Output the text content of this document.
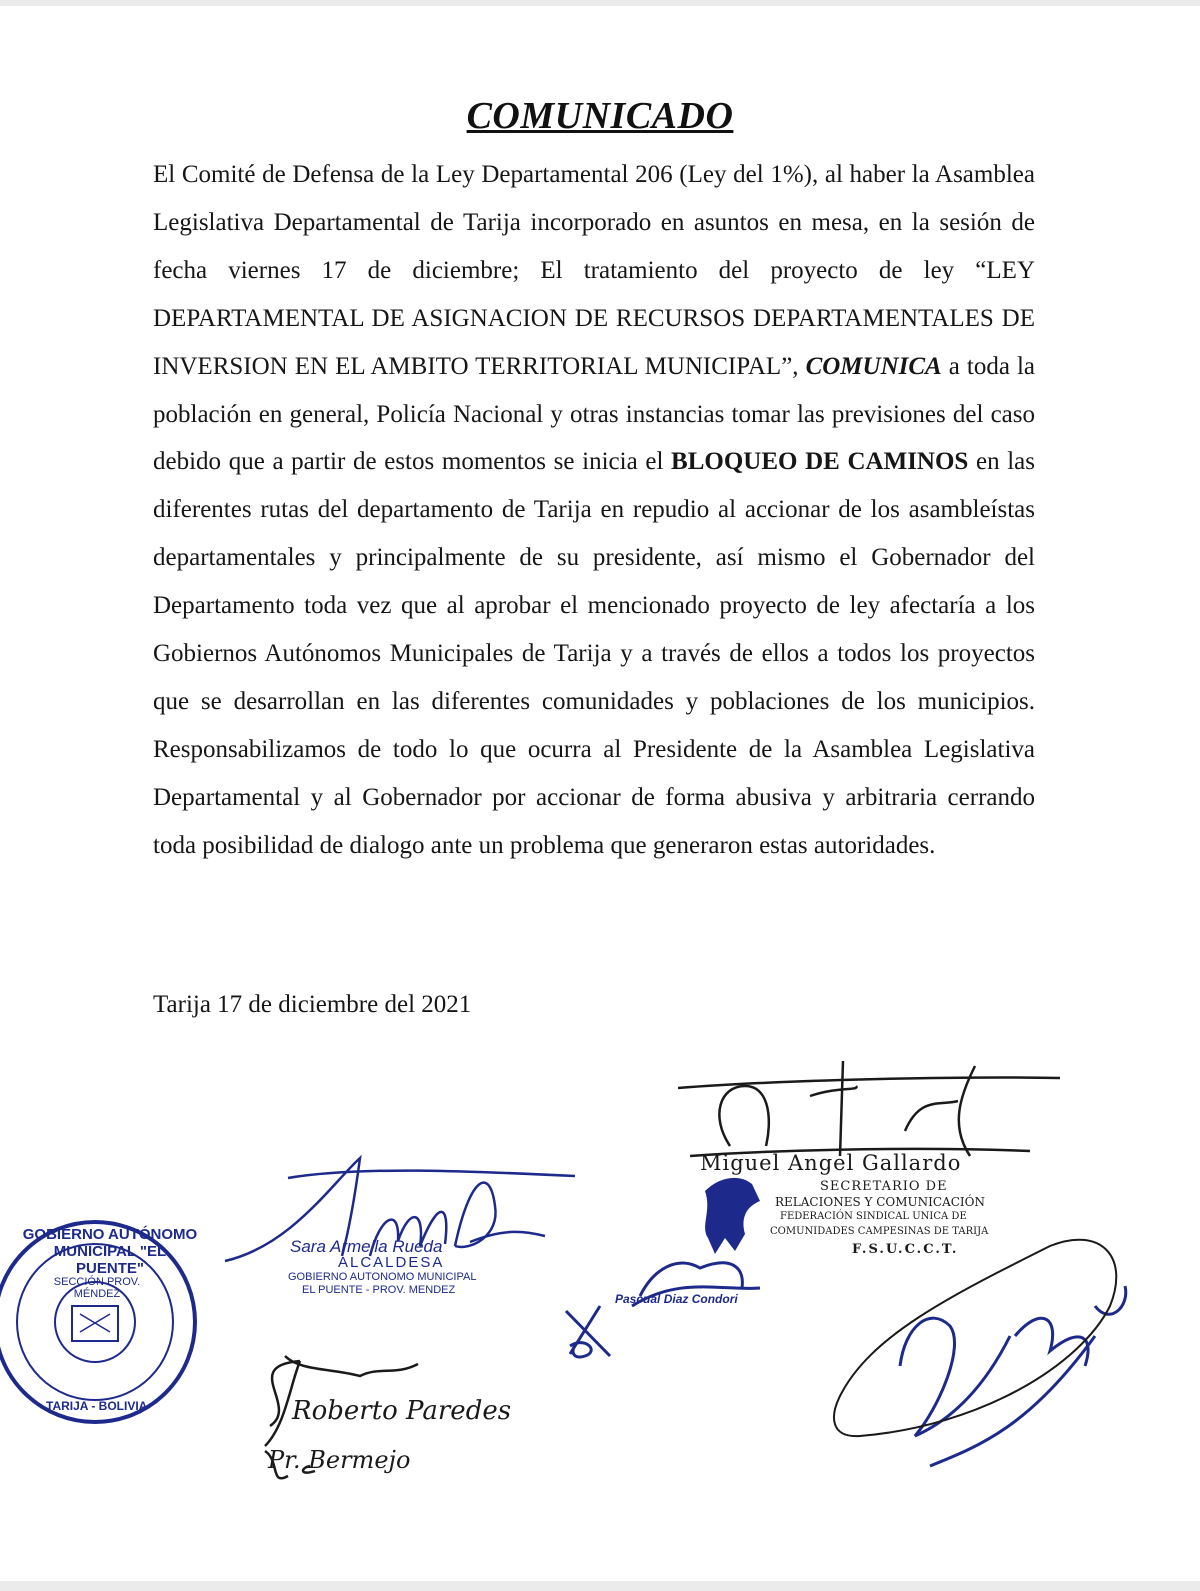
COMUNICADO

El Comité de Defensa de la Ley Departamental 206 (Ley del 1%), al haber la Asamblea Legislativa Departamental de Tarija incorporado en asuntos en mesa, en la sesión de fecha viernes 17 de diciembre; El tratamiento del proyecto de ley “LEY DEPARTAMENTAL DE ASIGNACION DE RECURSOS DEPARTAMENTALES DE INVERSION EN EL AMBITO TERRITORIAL MUNICIPAL”, COMUNICA a toda la población en general, Policía Nacional y otras instancias tomar las previsiones del caso debido que a partir de estos momentos se inicia el BLOQUEO DE CAMINOS en las diferentes rutas del departamento de Tarija en repudio al accionar de los asambleístas departamentales y principalmente de su presidente, así mismo el Gobernador del Departamento toda vez que al aprobar el mencionado proyecto de ley afectaría a los Gobiernos Autónomos Municipales de Tarija y a través de ellos a todos los proyectos que se desarrollan en las diferentes comunidades y poblaciones de los municipios. Responsabilizamos de todo lo que ocurra al Presidente de la Asamblea Legislativa Departamental y al Gobernador por accionar de forma abusiva y arbitraria cerrando toda posibilidad de dialogo ante un problema que generaron estas autoridades.

Tarija 17 de diciembre del 2021

GOBIERNO AUTÓNOMO MUNICIPAL "EL PUENTE"

SECCIÓN PROV. MÉNDEZ

TARIJA - BOLIVIA

Sara Armella Rueda

ALCALDESA

GOBIERNO AUTONOMO MUNICIPAL

EL PUENTE - PROV. MENDEZ

Miguel Angel Gallardo

SECRETARIO DE

RELACIONES Y COMUNICACIÓN

FEDERACIÓN SINDICAL UNICA DE

COMUNIDADES CAMPESINAS DE TARIJA

F.S.U.C.C.T.

Pascual Diaz Condori

Roberto Paredes

Pr. Bermejo
